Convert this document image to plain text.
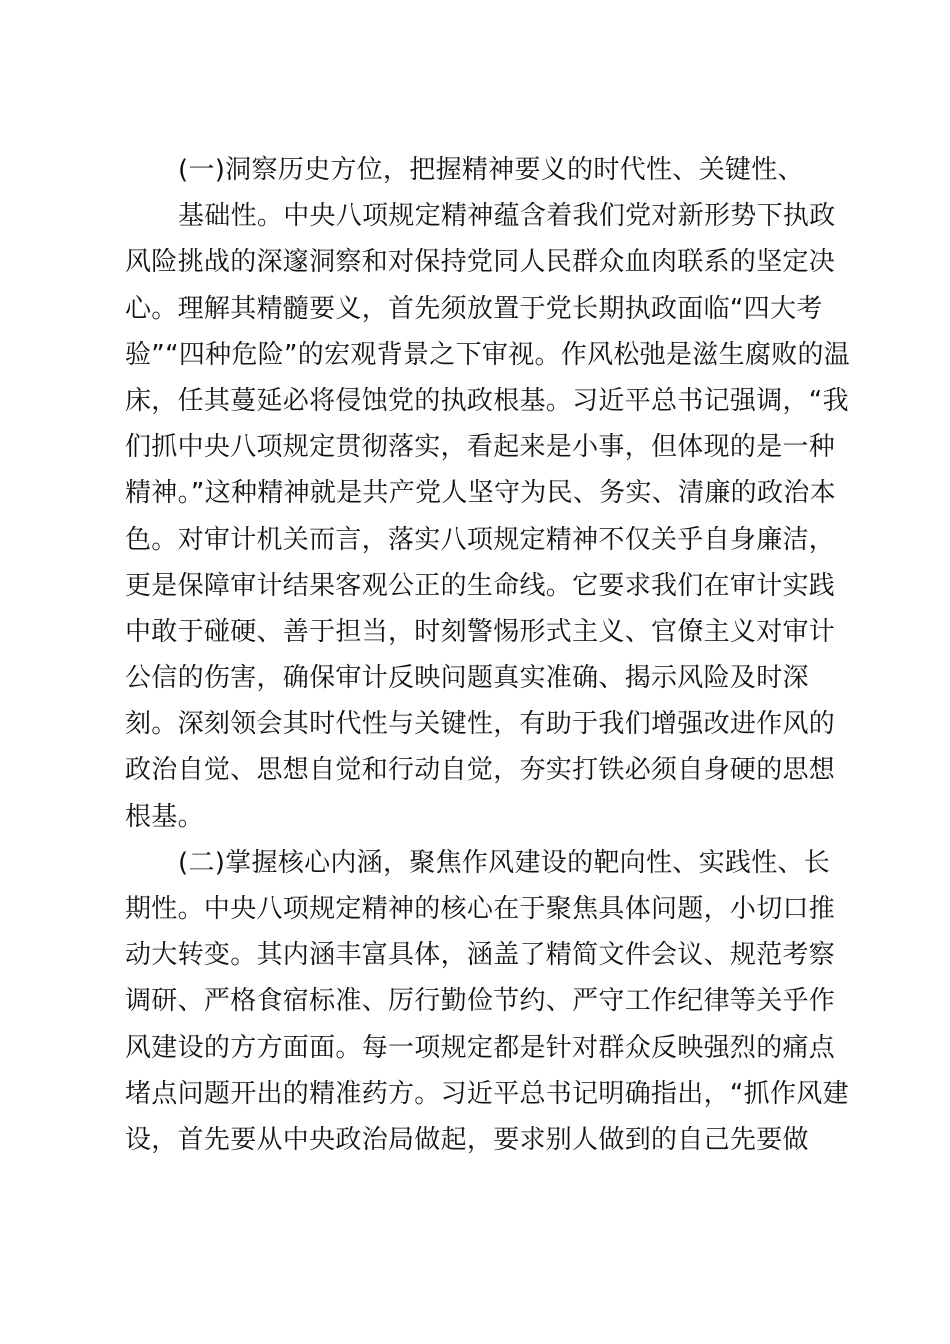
(一)洞察历史方位，把握精神要义的时代性、关键性、
基础性。中央八项规定精神蕴含着我们党对新形势下执政
风险挑战的深邃洞察和对保持党同人民群众血肉联系的坚定决
心。理解其精髓要义，首先须放置于党长期执政面临“四大考
验”“四种危险”的宏观背景之下审视。作风松弛是滋生腐败的温
床，任其蔓延必将侵蚀党的执政根基。习近平总书记强调，“我
们抓中央八项规定贯彻落实，看起来是小事，但体现的是一种
精神。”这种精神就是共产党人坚守为民、务实、清廉的政治本
色。对审计机关而言，落实八项规定精神不仅关乎自身廉洁，
更是保障审计结果客观公正的生命线。它要求我们在审计实践
中敢于碰硬、善于担当，时刻警惕形式主义、官僚主义对审计
公信的伤害，确保审计反映问题真实准确、揭示风险及时深
刻。深刻领会其时代性与关键性，有助于我们增强改进作风的
政治自觉、思想自觉和行动自觉，夯实打铁必须自身硬的思想
根基。
(二)掌握核心内涵，聚焦作风建设的靶向性、实践性、长
期性。中央八项规定精神的核心在于聚焦具体问题，小切口推
动大转变。其内涵丰富具体，涵盖了精简文件会议、规范考察
调研、严格食宿标准、厉行勤俭节约、严守工作纪律等关乎作
风建设的方方面面。每一项规定都是针对群众反映强烈的痛点
堵点问题开出的精准药方。习近平总书记明确指出，“抓作风建
设，首先要从中央政治局做起，要求别人做到的自己先要做
